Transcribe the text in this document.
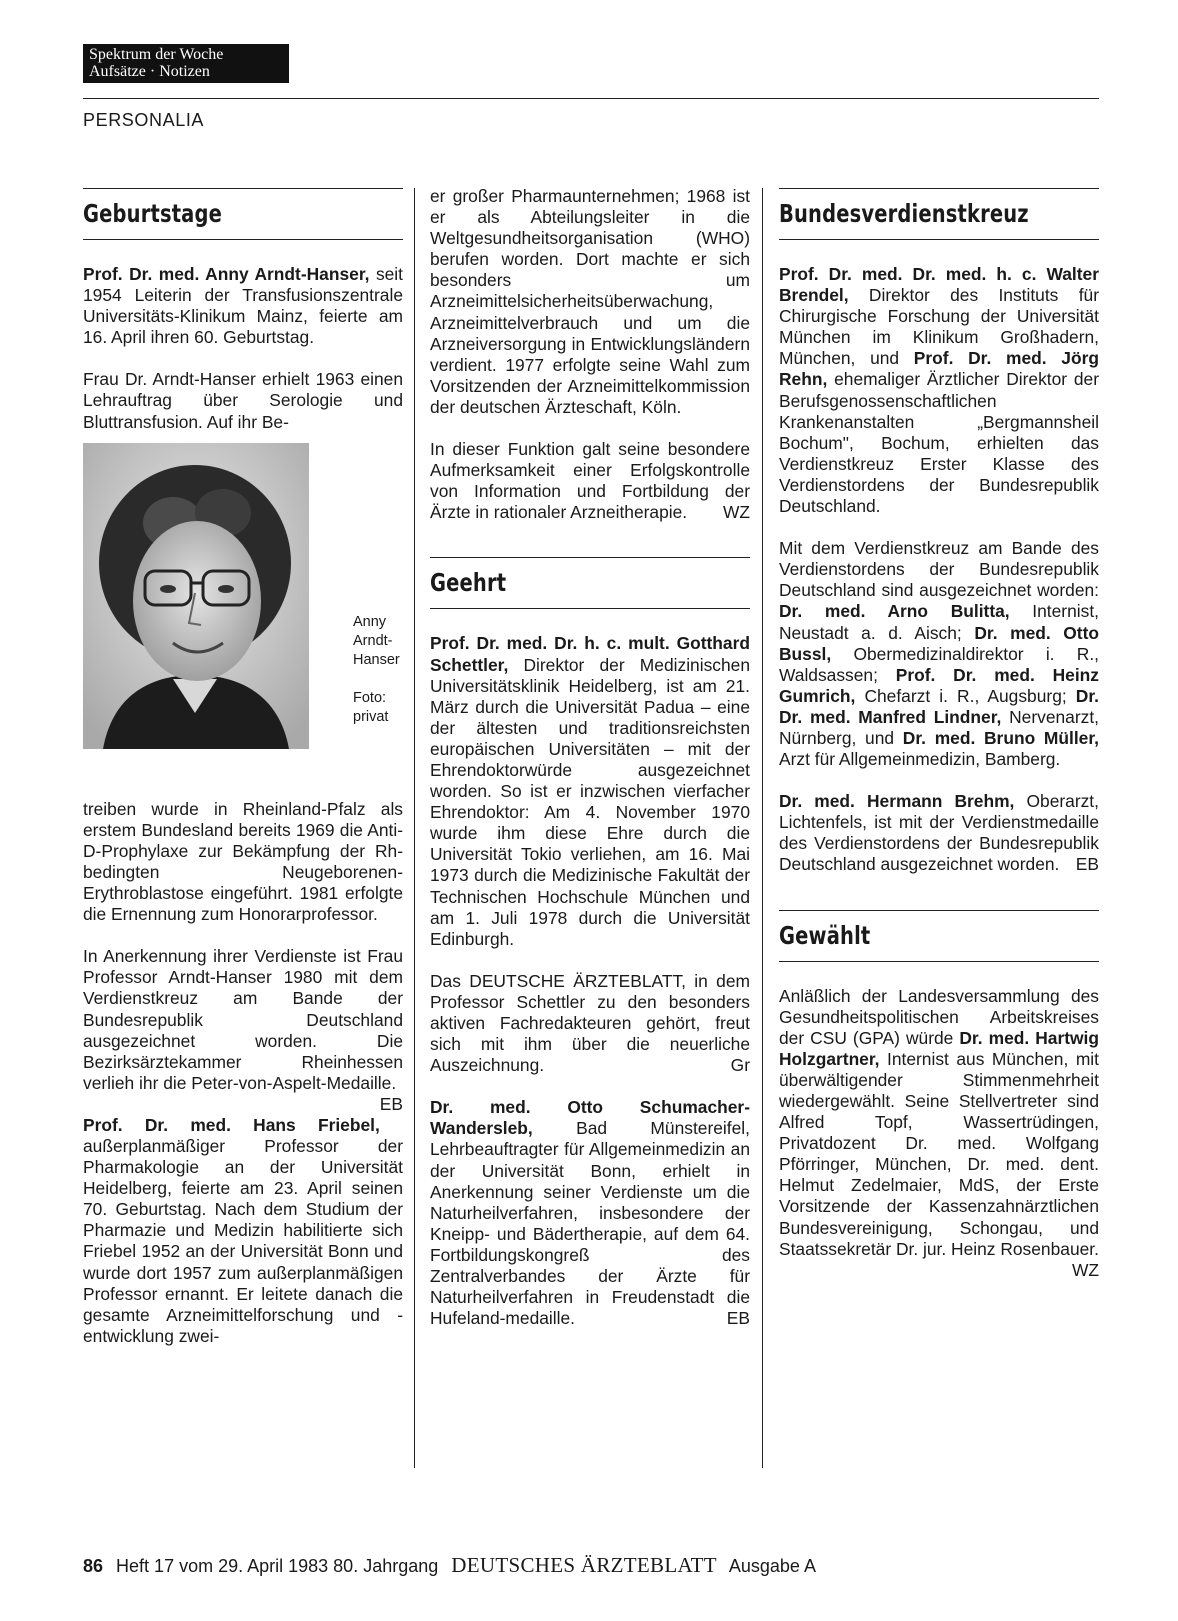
Spektrum der Woche
Aufsätze · Notizen
PERSONALIA
Geburtstage

Prof. Dr. med. Anny Arndt-Hanser, seit 1954 Leiterin der Transfusionszentrale Universitäts-Klinikum Mainz, feierte am 16. April ihren 60. Geburtstag.

Frau Dr. Arndt-Hanser erhielt 1963 einen Lehrauftrag über Serologie und Bluttransfusion. Auf ihr Be-

Anny
Arndt-
Hanser
Foto:
privat

treiben wurde in Rheinland-Pfalz als erstem Bundesland bereits 1969 die Anti-D-Prophylaxe zur Bekämpfung der Rh-bedingten Neugeborenen-Erythroblastose eingeführt. 1981 erfolgte die Ernennung zum Honorarprofessor.

In Anerkennung ihrer Verdienste ist Frau Professor Arndt-Hanser 1980 mit dem Verdienstkreuz am Bande der Bundesrepublik Deutschland ausgezeichnet worden. Die Bezirksärztekammer Rheinhessen verlieh ihr die Peter-von-Aspelt-Medaille.
EB

Prof. Dr. med. Hans Friebel, außerplanmäßiger Professor der Pharmakologie an der Universität Heidelberg, feierte am 23. April seinen 70. Geburtstag. Nach dem Studium der Pharmazie und Medizin habilitierte sich Friebel 1952 an der Universität Bonn und wurde dort 1957 zum außerplanmäßigen Professor ernannt. Er leitete danach die gesamte Arzneimittelforschung und -entwicklung zwei-

er großer Pharmaunternehmen; 1968 ist er als Abteilungsleiter in die Weltgesundheitsorganisation (WHO) berufen worden. Dort machte er sich besonders um Arzneimittelsicherheitsüberwachung, Arzneimittelverbrauch und um die Arzneiversorgung in Entwicklungsländern verdient. 1977 erfolgte seine Wahl zum Vorsitzenden der Arzneimittelkommission der deutschen Ärzteschaft, Köln.

In dieser Funktion galt seine besondere Aufmerksamkeit einer Erfolgskontrolle von Information und Fortbildung der Ärzte in rationaler Arzneitherapie. WZ

Geehrt

Prof. Dr. med. Dr. h. c. mult. Gotthard Schettler, Direktor der Medizinischen Universitätsklinik Heidelberg, ist am 21. März durch die Universität Padua – eine der ältesten und traditionsreichsten europäischen Universitäten – mit der Ehrendoktorwürde ausgezeichnet worden. So ist er inzwischen vierfacher Ehrendoktor: Am 4. November 1970 wurde ihm diese Ehre durch die Universität Tokio verliehen, am 16. Mai 1973 durch die Medizinische Fakultät der Technischen Hochschule München und am 1. Juli 1978 durch die Universität Edinburgh.

Das DEUTSCHE ÄRZTEBLATT, in dem Professor Schettler zu den besonders aktiven Fachredakteuren gehört, freut sich mit ihm über die neuerliche Auszeichnung.	Gr

Dr. med. Otto Schumacher-Wandersleb, Bad Münstereifel, Lehrbeauftragter für Allgemeinmedizin an der Universität Bonn, erhielt in Anerkennung seiner Verdienste um die Naturheilverfahren, insbesondere der Kneipp- und Bädertherapie, auf dem 64. Fortbildungskongreß des Zentralverbandes der Ärzte für Naturheilverfahren in Freudenstadt die Hufeland-medaille.	EB

Bundesverdienstkreuz

Prof. Dr. med. Dr. med. h. c. Walter Brendel, Direktor des Instituts für Chirurgische Forschung der Universität München im Klinikum Großhadern, München, und Prof. Dr. med. Jörg Rehn, ehemaliger Ärztlicher Direktor der Berufsgenossenschaftlichen Krankenanstalten „Bergmannsheil Bochum", Bochum, erhielten das Verdienstkreuz Erster Klasse des Verdienstordens der Bundesrepublik Deutschland.

Mit dem Verdienstkreuz am Bande des Verdienstordens der Bundesrepublik Deutschland sind ausgezeichnet worden: Dr. med. Arno Bulitta, Internist, Neustadt a. d. Aisch; Dr. med. Otto Bussl, Obermedizinaldirektor i. R., Waldsassen; Prof. Dr. med. Heinz Gumrich, Chefarzt i. R., Augsburg; Dr. Dr. med. Manfred Lindner, Nervenarzt, Nürnberg, und Dr. med. Bruno Müller, Arzt für Allgemeinmedizin, Bamberg.

Dr. med. Hermann Brehm, Oberarzt, Lichtenfels, ist mit der Verdienstmedaille des Verdienstordens der Bundesrepublik Deutschland ausgezeichnet worden. EB

Gewählt

Anläßlich der Landesversammlung des Gesundheitspolitischen Arbeitskreises der CSU (GPA) würde Dr. med. Hartwig Holzgartner, Internist aus München, mit überwältigender Stimmenmehrheit wiedergewählt. Seine Stellvertreter sind Alfred Topf, Wassertrüdingen, Privatdozent Dr. med. Wolfgang Pförringer, München, Dr. med. dent. Helmut Zedelmaier, MdS, der Erste Vorsitzende der Kassenzahnärztlichen Bundesvereinigung, Schongau, und Staatssekretär Dr. jur. Heinz Rosenbauer.
WZ

86 Heft 17 vom 29. April 1983 80. Jahrgang DEUTSCHES ÄRZTEBLATT Ausgabe A
